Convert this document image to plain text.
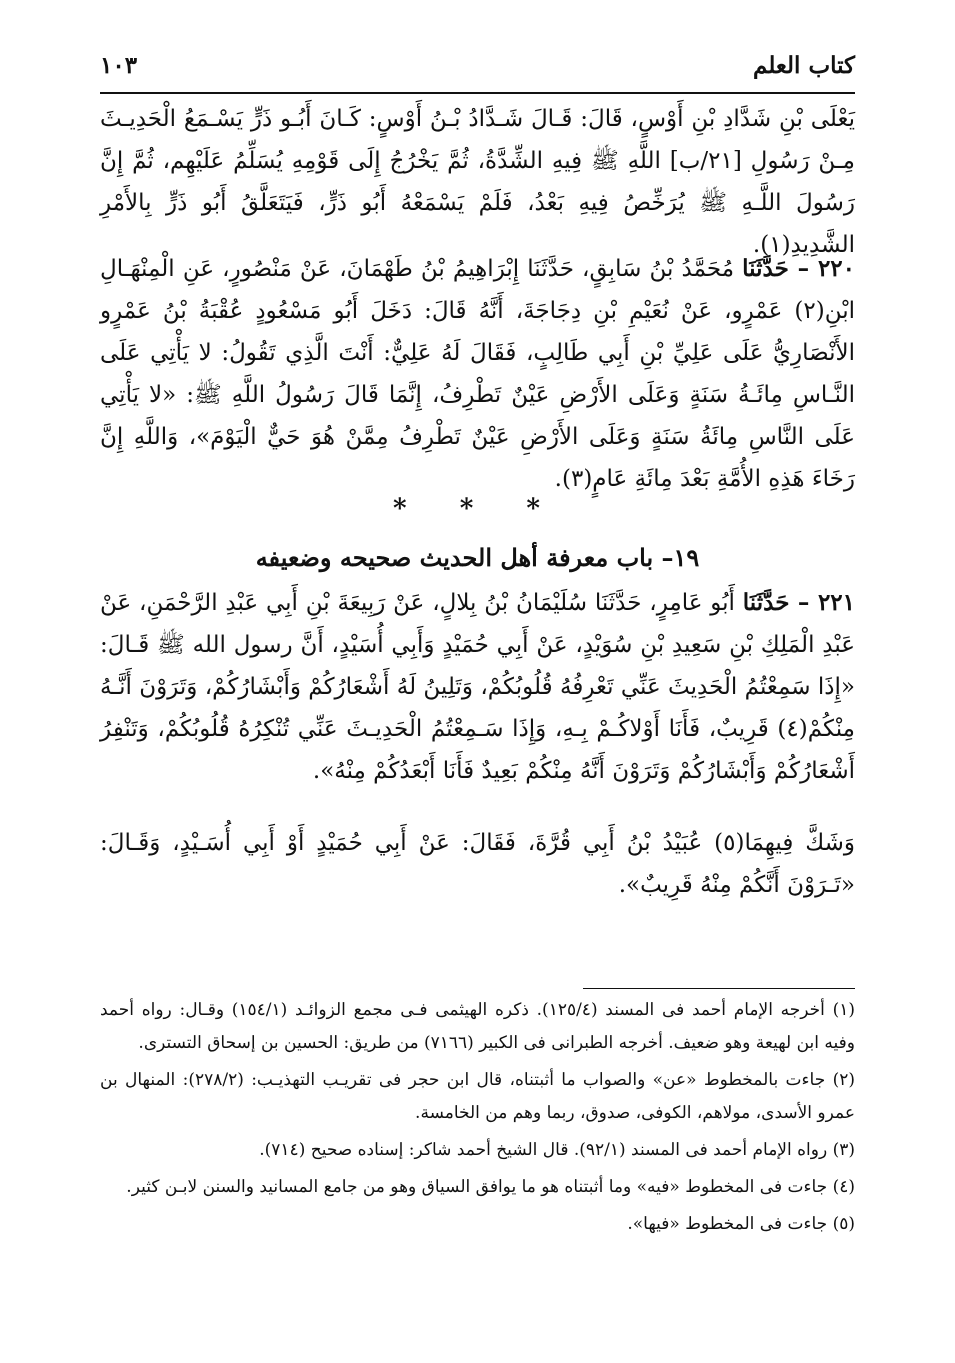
كتاب العلم
١٠٣

يَعْلَى بْنِ شَدَّادِ بْنِ أَوْسٍ، قَالَ: قَـالَ شَـدَّادُ بْـنُ أَوْسٍ: كَـانَ أَبُـو ذَرٍّ يَسْـمَعُ الْحَدِيـثَ مِـنْ رَسُولِ [٢١/ب] اللَّهِ ﷺ فِيهِ الشِّدَّةُ، ثُمَّ يَخْرُجُ إِلَى قَوْمِهِ يُسَلِّمُ عَلَيْهِم، ثُمَّ إِنَّ رَسُولَ اللَّـهِ ﷺ يُرَخِّصُ فِيهِ بَعْدُ، فَلَمْ يَسْمَعْهُ أَبُو ذَرٍّ، فَيَتَعَلَّقُ أَبُو ذَرٍّ بِالأَمْرِ الشَّدِيدِ(١).

٢٢٠ – حَدَّثَنَا مُحَمَّدُ بْنُ سَابِقٍ، حَدَّثَنَا إِبْرَاهِيمُ بْنُ طَهْمَانَ، عَنْ مَنْصُورٍ، عَنِ الْمِنْهَـالِ ابْنِ(٢) عَمْرٍو، عَنْ نُعَيْمِ بْنِ دِجَاجَةَ، أَنَّهُ قَالَ: دَخَلَ أَبُو مَسْعُودٍ عُقْبَةُ بْنُ عَمْرٍو الأَنْصَارِيُّ عَلَى عَلِيِّ بْنِ أَبِي طَالِبٍ، فَقَالَ لَهُ عَلِيٌّ: أَنْتَ الَّذِي تَقُولُ: لا يَأْتِي عَلَى النَّـاسِ مِائَـةُ سَنَةٍ وَعَلَى الأَرْضِ عَيْنٌ تَطْرِفُ، إِنَّمَا قَالَ رَسُولُ اللَّهِ ﷺ: «لا يَأْتِي عَلَى النَّاسِ مِائَةُ سَنَةٍ وَعَلَى الأَرْضِ عَيْنٌ تَطْرِفُ مِمَّنْ هُوَ حَيٌّ الْيَوْمَ»، وَاللَّهِ إِنَّ رَخَاءَ هَذِهِ الأُمَّةِ بَعْدَ مِائَةِ عَامٍ(٣).

* * *

١٩– باب معرفة أهل الحديث صحيحه وضعيفه

٢٢١ – حَدَّثَنَا أَبُو عَامِرٍ، حَدَّثَنَا سُلَيْمَانُ بْنُ بِلالٍ، عَنْ رَبِيعَةَ بْنِ أَبِي عَبْدِ الرَّحْمَنِ، عَنْ عَبْدِ الْمَلِكِ بْنِ سَعِيدِ بْنِ سُوَيْدٍ، عَنْ أَبِي حُمَيْدٍ وَأَبِي أُسَيْدٍ، أَنَّ رسول الله ﷺ قَـالَ: «إِذَا سَمِعْتُمُ الْحَدِيثَ عَنِّي تَعْرِفُهُ قُلُوبُكُمْ، وَتَلِينُ لَهُ أَشْعَارُكُمْ وَأَبْشَارُكُمْ، وَتَرَوْنَ أَنَّـهُ مِنْكُمْ(٤) قَرِيبٌ، فَأَنَا أَوْلاكُـمْ بِـهِ، وَإِذَا سَـمِعْتُمُ الْحَدِيـثَ عَنِّي تُنْكِرُهُ قُلُوبُكُمْ، وَتَنْفِرُ أَشْعَارُكُمْ وَأَبْشَارُكُمْ وَتَرَوْنَ أَنَّهُ مِنْكُمْ بَعِيدٌ فَأَنَا أَبْعَدُكُمْ مِنْهُ».

وَشَكَّ فِيهِمَا(٥) عُبَيْدُ بْنُ أَبِي قُرَّةَ، فَقَالَ: عَنْ أَبِي حُمَيْدٍ أَوْ أَبِي أُسَـيْدٍ، وَقَـالَ: «تَـرَوْنَ أَنَّكُمْ مِنْهُ قَرِيبٌ».

(١) أخرجه الإمام أحمد فى المسند (١٢٥/٤). ذكره الهيثمى فـى مجمع الزوائـد (١٥٤/١) وقـال: رواه أحمد وفيه ابن لهيعة وهو ضعيف. أخرجه الطبرانى فى الكبير (٧١٦٦) من طريق: الحسين بن إسحاق التسترى.

(٢) جاءت بالمخطوط «عن» والصواب ما أثبتناه، قال ابن حجر فى تقريـب التهذيـب: (٢٧٨/٢): المنهال بن عمرو الأسدى، مولاهم، الكوفى، صدوق، ربما وهم من الخامسة.

(٣) رواه الإمام أحمد فى المسند (٩٢/١). قال الشيخ أحمد شاكر: إسناده صحيح (٧١٤).

(٤) جاءت فى المخطوط «فيه» وما أثبتناه هو ما يوافق السياق وهو من جامع المسانيد والسنن لابـن كثير.

(٥) جاءت فى المخطوط «فيها».
